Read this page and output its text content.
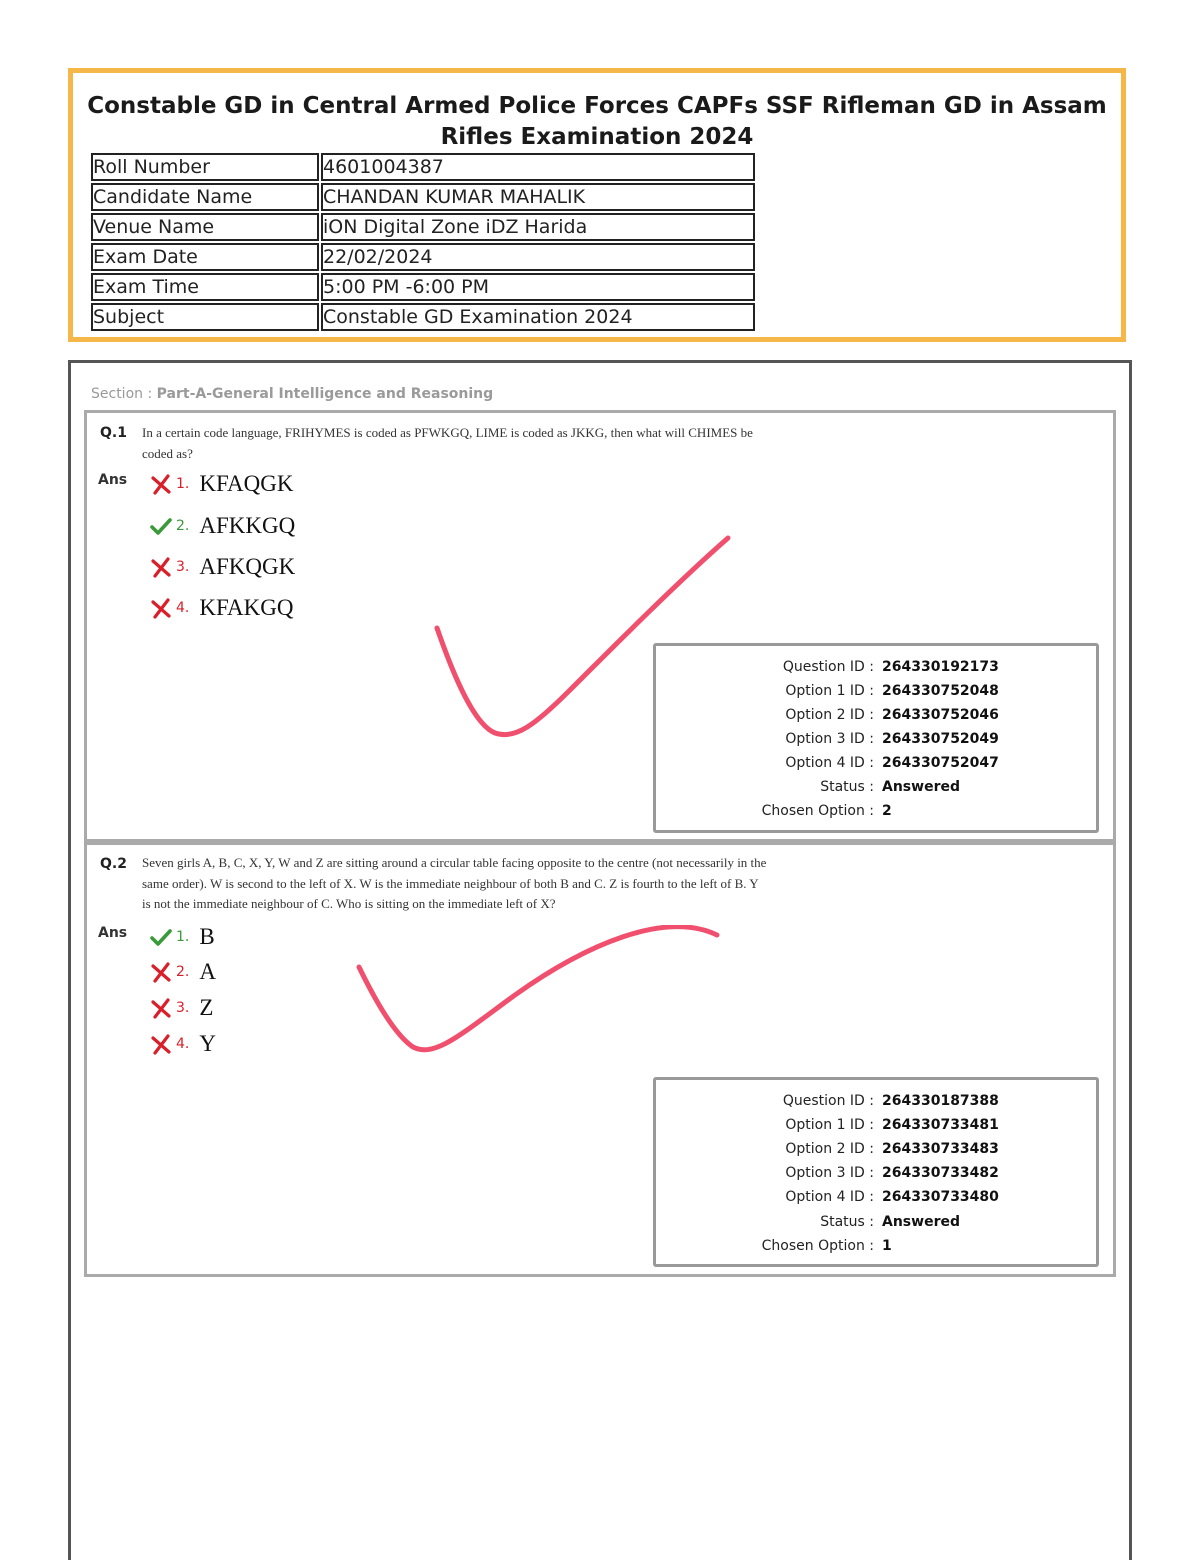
Constable GD in Central Armed Police Forces CAPFs SSF Rifleman GD in Assam
Rifles Examination 2024
Roll Number	4601004387
Candidate Name	CHANDAN KUMAR MAHALIK
Venue Name	iON Digital Zone iDZ Harida
Exam Date	22/02/2024
Exam Time	5:00 PM -6:00 PM
Subject	Constable GD Examination 2024
Section : Part-A-General Intelligence and Reasoning
Q.1 In a certain code language, FRIHYMES is coded as PFWKGQ, LIME is coded as JKKG, then what will CHIMES be
coded as?
Ans	1. KFAQGK
2. AFKKGQ
3. AFKQGK
4. KFAKGQ
Question ID : 264330192173
Option 1 ID : 264330752048
Option 2 ID : 264330752046
Option 3 ID : 264330752049
Option 4 ID : 264330752047
Status : Answered
Chosen Option : 2
Q.2 Seven girls A, B, C, X, Y, W and Z are sitting around a circular table facing opposite to the centre (not necessarily in the
same order). W is second to the left of X. W is the immediate neighbour of both B and C. Z is fourth to the left of B. Y
is not the immediate neighbour of C. Who is sitting on the immediate left of X?
Ans	1. B
2. A
3. Z
4. Y
Question ID : 264330187388
Option 1 ID : 264330733481
Option 2 ID : 264330733483
Option 3 ID : 264330733482
Option 4 ID : 264330733480
Status : Answered
Chosen Option : 1
